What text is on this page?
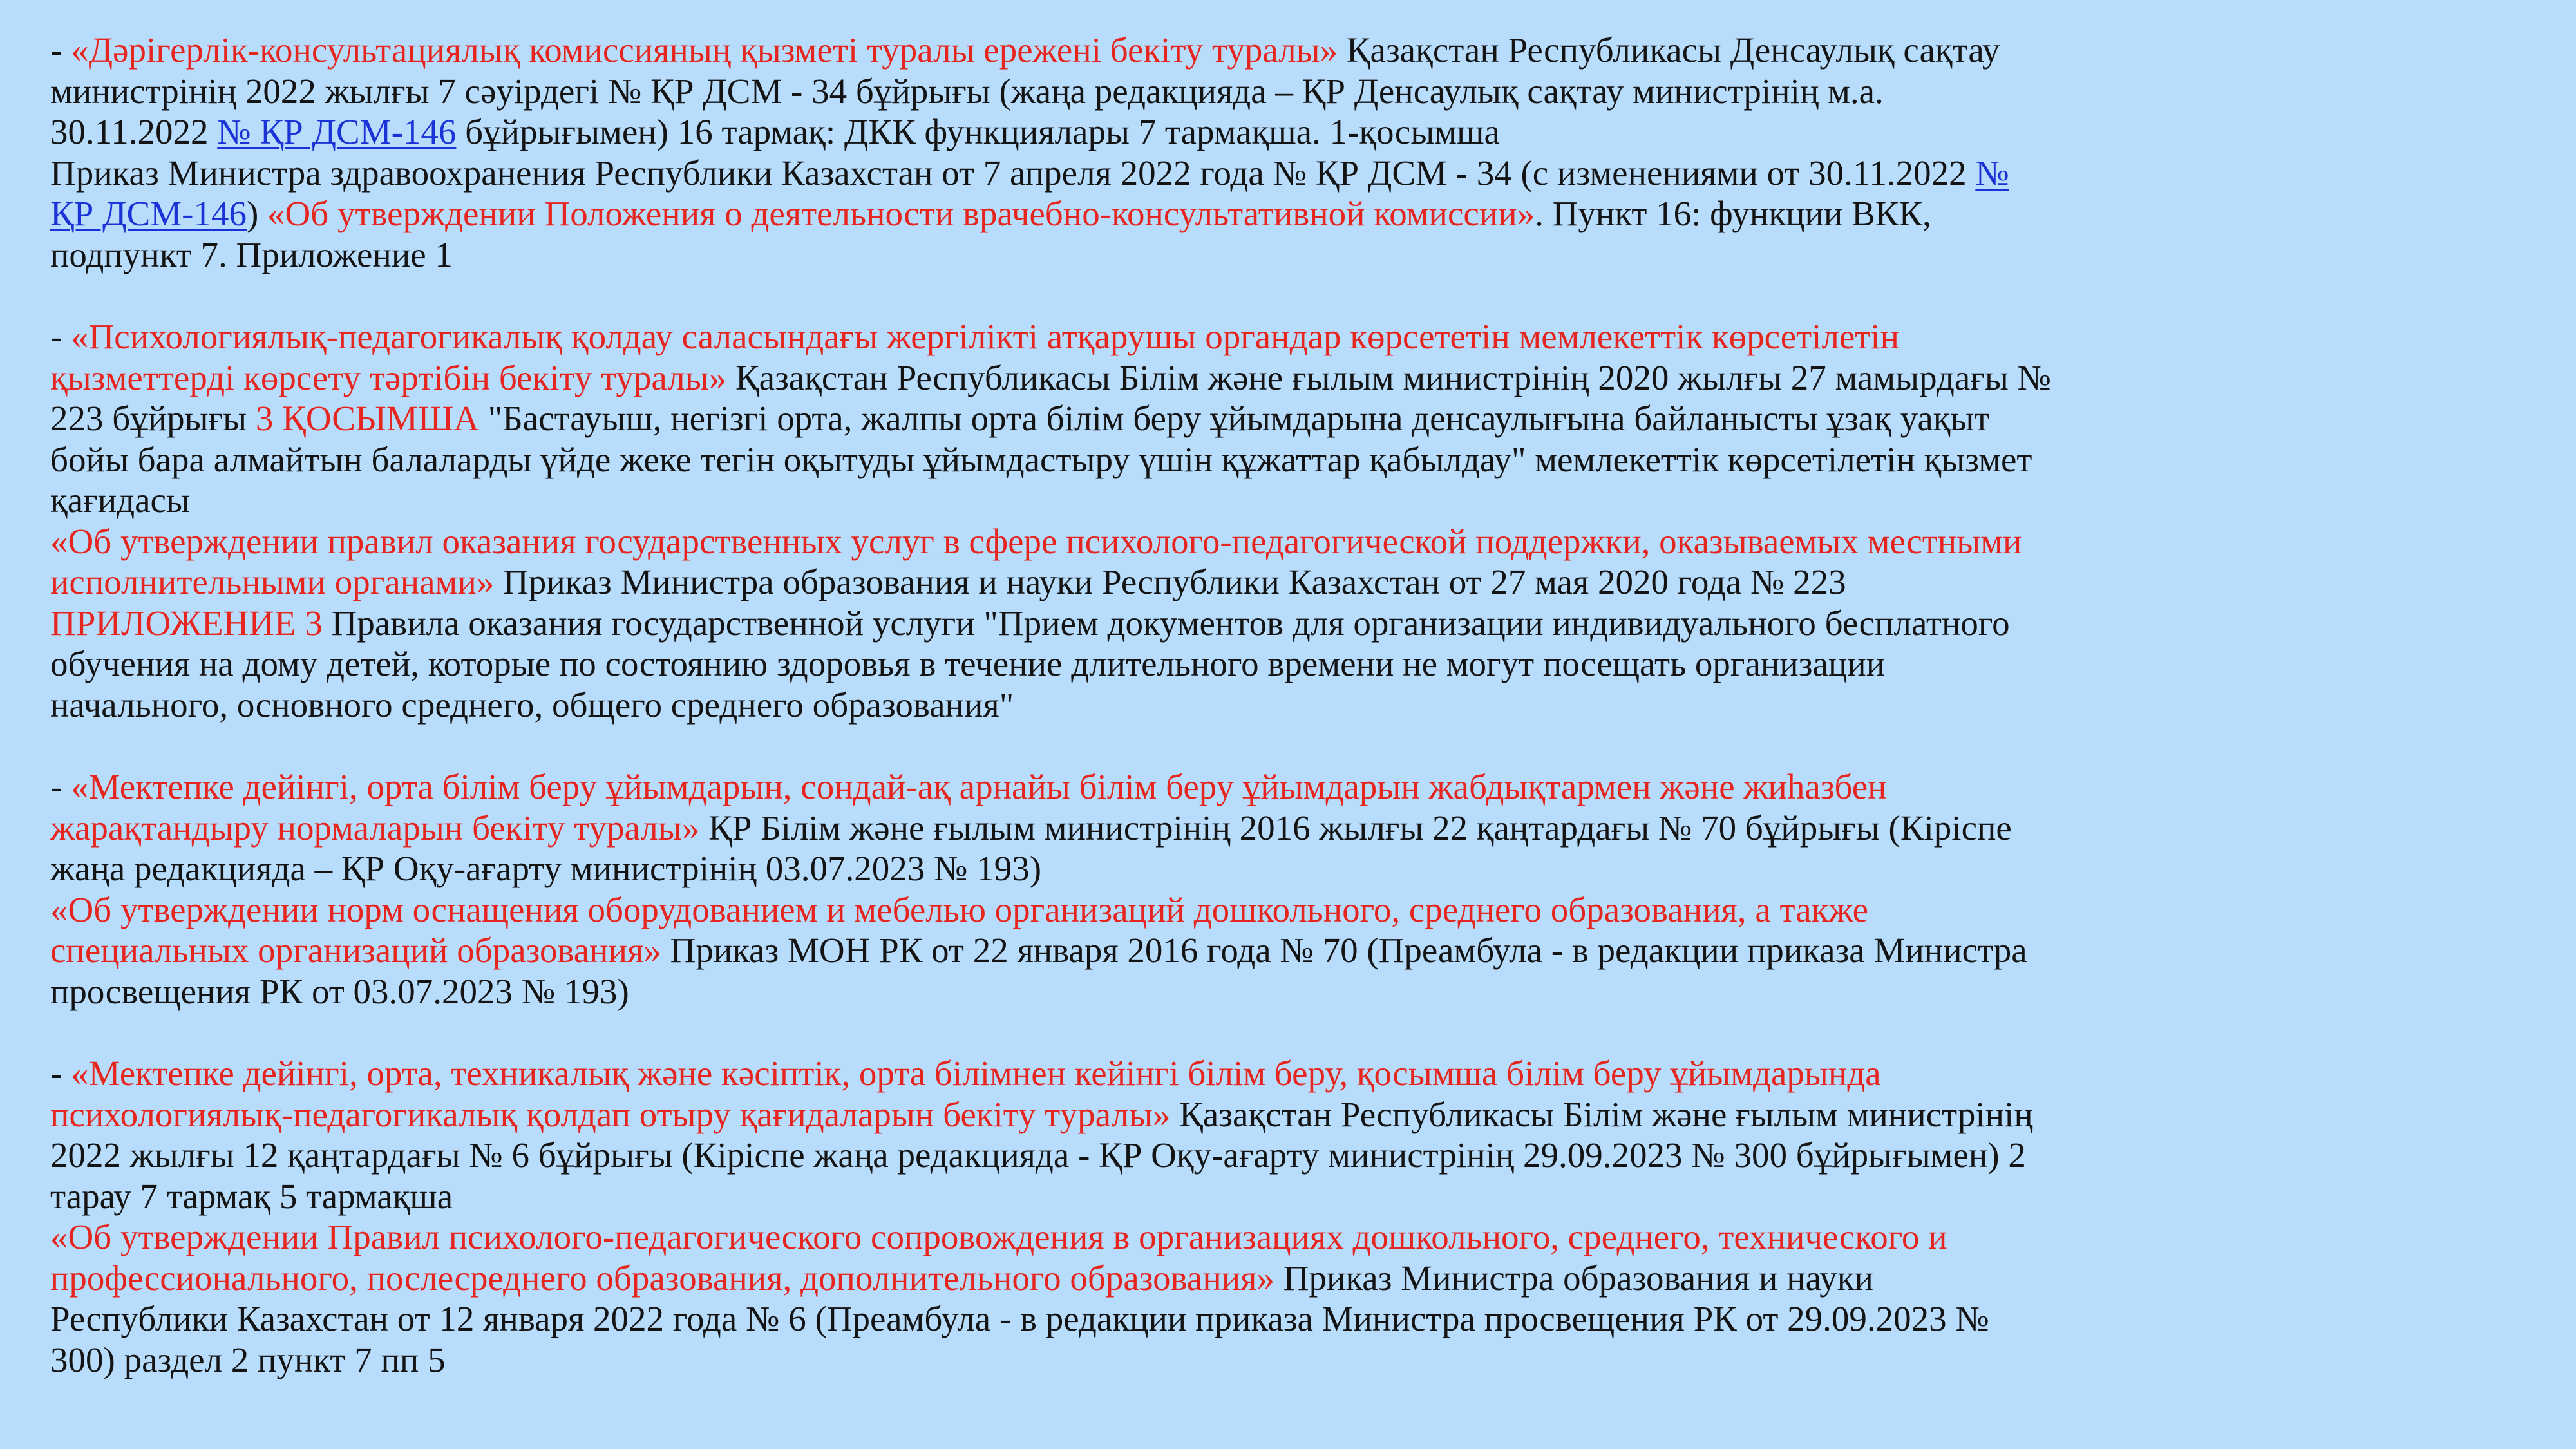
- «Дәрігерлік-консультациялық комиссияның қызметі туралы ережені бекіту туралы» Қазақстан Республикасы Денсаулық сақтау
министрінің 2022 жылғы 7 сәуірдегі № ҚР ДСМ - 34 бұйрығы (жаңа редакцияда – ҚР Денсаулық сақтау министрінің м.а.
30.11.2022 № ҚР ДСМ-146 бұйрығымен) 16 тармақ: ДКК функциялары 7 тармақша. 1-қосымша
Приказ Министра здравоохранения Республики Казахстан от 7 апреля 2022 года № ҚР ДСМ - 34 (с изменениями от 30.11.2022 №
ҚР ДСМ-146) «Об утверждении Положения о деятельности врачебно-консультативной комиссии». Пункт 16: функции ВКК,
подпункт 7. Приложение 1
- «Психологиялық-педагогикалық қолдау саласындағы жергілікті атқарушы органдар көрсететін мемлекеттік көрсетілетін
қызметтерді көрсету тәртібін бекіту туралы» Қазақстан Республикасы Білім және ғылым министрінің 2020 жылғы 27 мамырдағы №
223 бұйрығы 3 ҚОСЫМША "Бастауыш, негізгі орта, жалпы орта білім беру ұйымдарына денсаулығына байланысты ұзақ уақыт
бойы бара алмайтын балаларды үйде жеке тегін оқытуды ұйымдастыру үшін құжаттар қабылдау" мемлекеттік көрсетілетін қызмет
қағидасы
«Об утверждении правил оказания государственных услуг в сфере психолого-педагогической поддержки, оказываемых местными
исполнительными органами» Приказ Министра образования и науки Республики Казахстан от 27 мая 2020 года № 223
ПРИЛОЖЕНИЕ 3 Правила оказания государственной услуги "Прием документов для организации индивидуального бесплатного
обучения на дому детей, которые по состоянию здоровья в течение длительного времени не могут посещать организации
начального, основного среднего, общего среднего образования"
- «Мектепке дейінгі, орта білім беру ұйымдарын, сондай-ақ арнайы білім беру ұйымдарын жабдықтармен және жиһазбен
жарақтандыру нормаларын бекіту туралы» ҚР Білім және ғылым министрінің 2016 жылғы 22 қаңтардағы № 70 бұйрығы (Кіріспе
жаңа редакцияда – ҚР Оқу-ағарту министрінің 03.07.2023 № 193)
«Об утверждении норм оснащения оборудованием и мебелью организаций дошкольного, среднего образования, а также
специальных организаций образования» Приказ МОН РК от 22 января 2016 года № 70 (Преамбула - в редакции приказа Министра
просвещения РК от 03.07.2023 № 193)
- «Мектепке дейінгі, орта, техникалық және кәсіптік, орта білімнен кейінгі білім беру, қосымша білім беру ұйымдарында
психологиялық-педагогикалық қолдап отыру қағидаларын бекіту туралы» Қазақстан Республикасы Білім және ғылым министрінің
2022 жылғы 12 қаңтардағы № 6 бұйрығы (Кіріспе жаңа редакцияда - ҚР Оқу-ағарту министрінің 29.09.2023 № 300 бұйрығымен) 2
тарау 7 тармақ 5 тармақша
«Об утверждении Правил психолого-педагогического сопровождения в организациях дошкольного, среднего, технического и
профессионального, послесреднего образования, дополнительного образования» Приказ Министра образования и науки
Республики Казахстан от 12 января 2022 года № 6 (Преамбула - в редакции приказа Министра просвещения РК от 29.09.2023 №
300) раздел 2 пункт 7 пп 5
